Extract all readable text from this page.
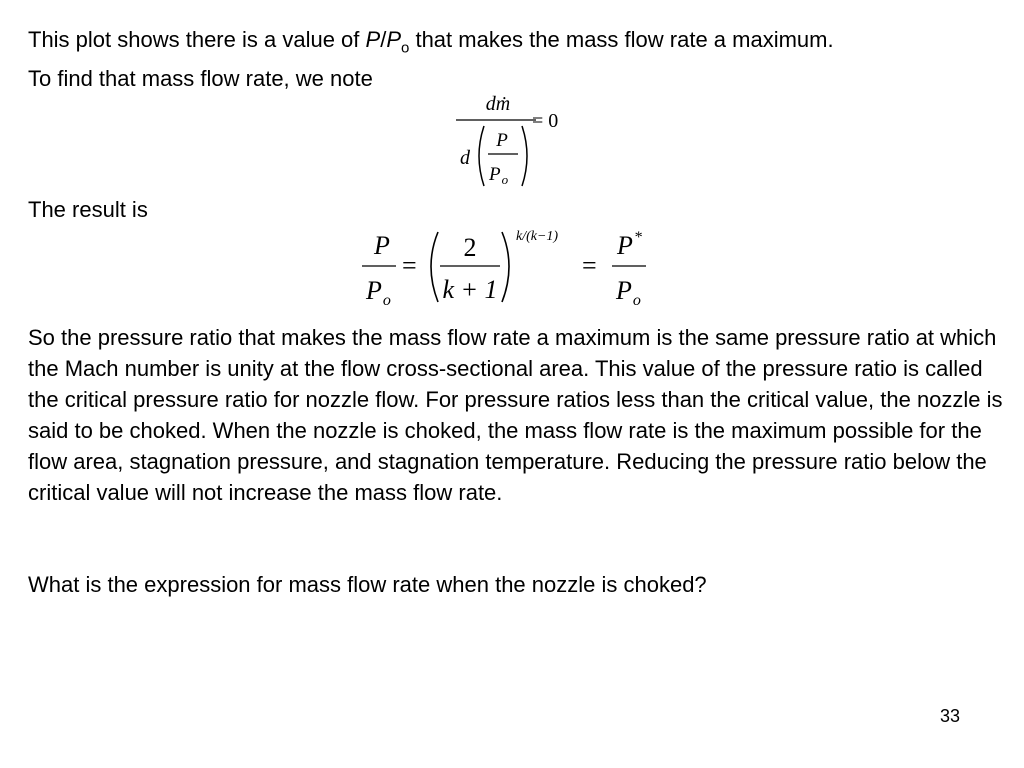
This plot shows there is a value of $P/P_o$ that makes the mass flow rate a maximum.
To find that mass flow rate, we note

dṁ
d
P
$P_o$
= 0

The result is

P
$P_o$
=
2
k + 1
k/(k−1)
=
P*
$P_o$

So the pressure ratio that makes the mass flow rate a maximum is the same pressure ratio at which the Mach number is unity at the flow cross-sectional area. This value of the pressure ratio is called the critical pressure ratio for nozzle flow. For pressure ratios less than the critical value, the nozzle is said to be choked. When the nozzle is choked, the mass flow rate is the maximum possible for the flow area, stagnation pressure, and stagnation temperature. Reducing the pressure ratio below the critical value will not increase the mass flow rate.

What is the expression for mass flow rate when the nozzle is choked?

33
